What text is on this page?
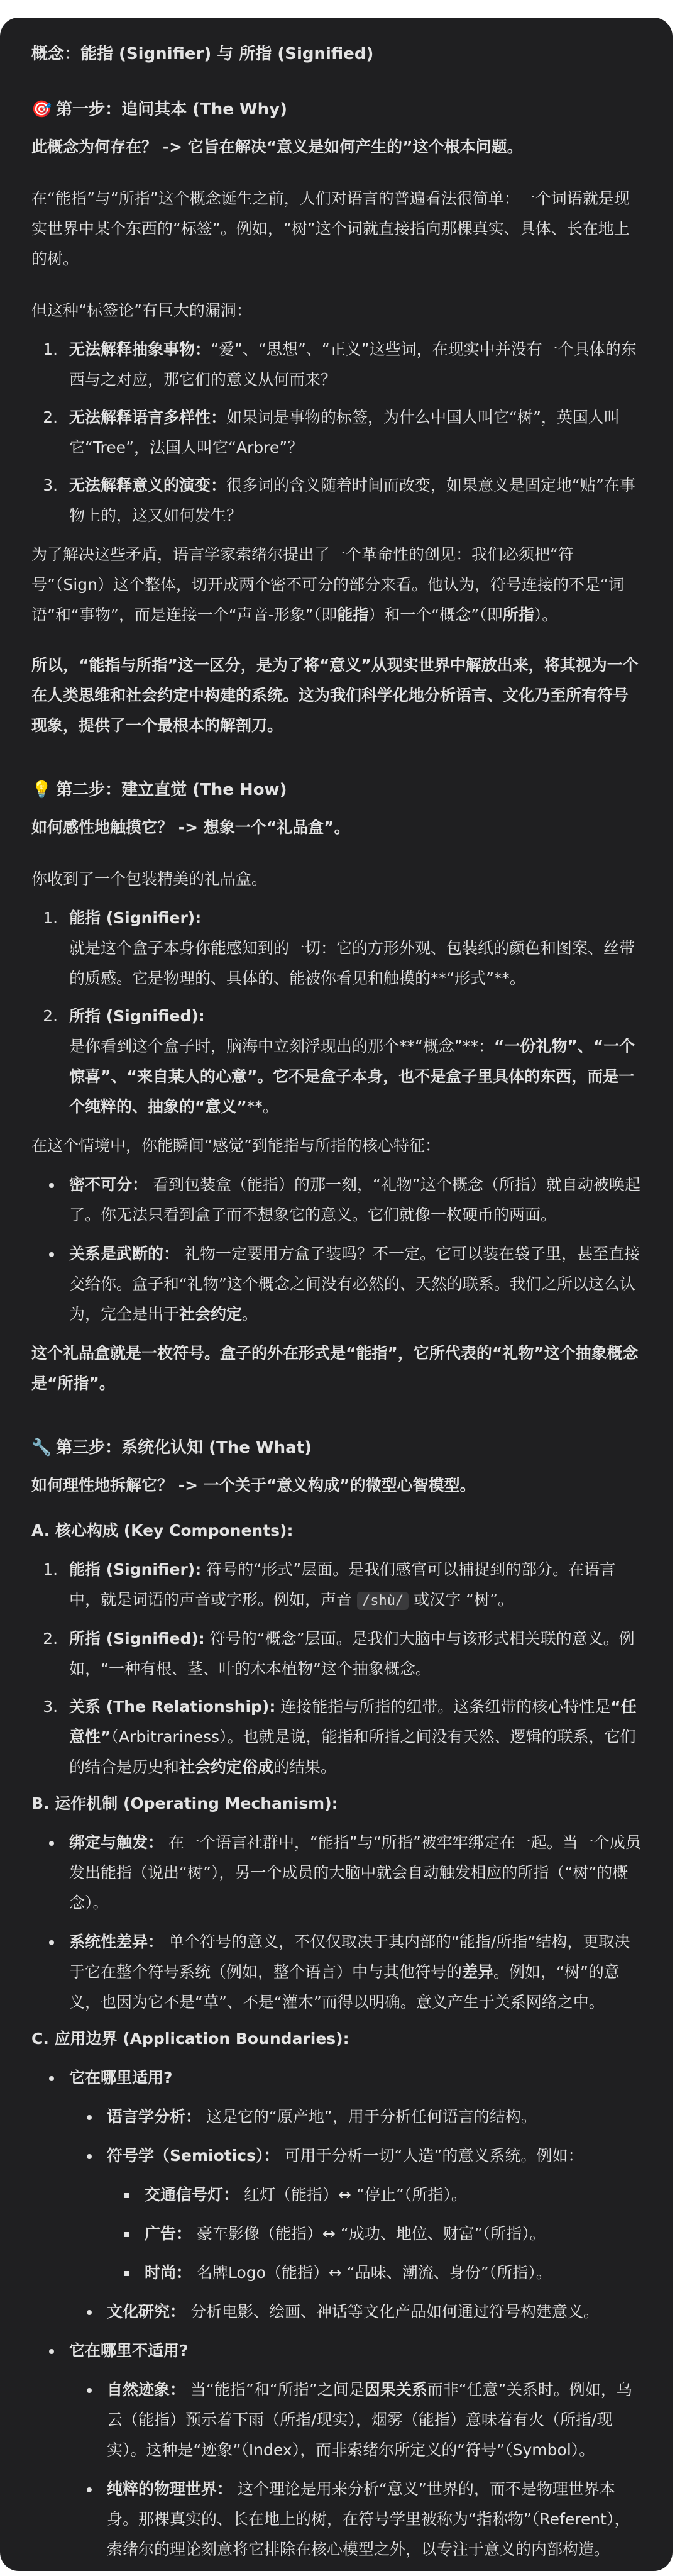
概念：能指 (Signifier) 与 所指 (Signified)

🎯 第一步：追问其本 (The Why)

此概念为何存在？ -> 它旨在解决“意义是如何产生的”这个根本问题。

在“能指”与“所指”这个概念诞生之前，人们对语言的普遍看法很简单：一个词语就是现实世界中某个东西的“标签”。例如，“树”这个词就直接指向那棵真实、具体、长在地上的树。

但这种“标签论”有巨大的漏洞：

1. 无法解释抽象事物：“爱”、“思想”、“正义”这些词，在现实中并没有一个具体的东西与之对应，那它们的意义从何而来？
2. 无法解释语言多样性：如果词是事物的标签，为什么中国人叫它“树”，英国人叫它“Tree”，法国人叫它“Arbre”？
3. 无法解释意义的演变：很多词的含义随着时间而改变，如果意义是固定地“贴”在事物上的，这又如何发生？

为了解决这些矛盾，语言学家索绪尔提出了一个革命性的创见：我们必须把“符号”（Sign）这个整体，切开成两个密不可分的部分来看。他认为，符号连接的不是“词语”和“事物”，而是连接一个“声音-形象”（即能指）和一个“概念”（即所指）。

所以，“能指与所指”这一区分，是为了将“意义”从现实世界中解放出来，将其视为一个在人类思维和社会约定中构建的系统。这为我们科学化地分析语言、文化乃至所有符号现象，提供了一个最根本的解剖刀。

💡 第二步：建立直觉 (The How)

如何感性地触摸它？ -> 想象一个“礼品盒”。

你收到了一个包装精美的礼品盒。

1. 能指 (Signifier):
就是这个盒子本身你能感知到的一切：它的方形外观、包装纸的颜色和图案、丝带的质感。它是物理的、具体的、能被你看见和触摸的**“形式”**。
2. 所指 (Signified):
是你看到这个盒子时，脑海中立刻浮现出的那个**“概念”**：“一份礼物”、“一个惊喜”、“来自某人的心意”。它不是盒子本身，也不是盒子里具体的东西，而是一个纯粹的、抽象的“意义”**。

在这个情境中，你能瞬间“感觉”到能指与所指的核心特征：

• 密不可分： 看到包装盒（能指）的那一刻，“礼物”这个概念（所指）就自动被唤起了。你无法只看到盒子而不想象它的意义。它们就像一枚硬币的两面。
• 关系是武断的： 礼物一定要用方盒子装吗？不一定。它可以装在袋子里，甚至直接交给你。盒子和“礼物”这个概念之间没有必然的、天然的联系。我们之所以这么认为，完全是出于社会约定。

这个礼品盒就是一枚符号。盒子的外在形式是“能指”，它所代表的“礼物”这个抽象概念是“所指”。

🔧 第三步：系统化认知 (The What)

如何理性地拆解它？ -> 一个关于“意义构成”的微型心智模型。

A. 核心构成 (Key Components):

1. 能指 (Signifier): 符号的“形式”层面。是我们感官可以捕捉到的部分。在语言中，就是词语的声音或字形。例如，声音 /shù/ 或汉字 “树”。
2. 所指 (Signified): 符号的“概念”层面。是我们大脑中与该形式相关联的意义。例如，“一种有根、茎、叶的木本植物”这个抽象概念。
3. 关系 (The Relationship): 连接能指与所指的纽带。这条纽带的核心特性是“任意性”（Arbitrariness）。也就是说，能指和所指之间没有天然、逻辑的联系，它们的结合是历史和社会约定俗成的结果。

B. 运作机制 (Operating Mechanism):

• 绑定与触发： 在一个语言社群中，“能指”与“所指”被牢牢绑定在一起。当一个成员发出能指（说出“树”），另一个成员的大脑中就会自动触发相应的所指（“树”的概念）。
• 系统性差异： 单个符号的意义，不仅仅取决于其内部的“能指/所指”结构，更取决于它在整个符号系统（例如，整个语言）中与其他符号的差异。例如，“树”的意义，也因为它不是“草”、不是“灌木”而得以明确。意义产生于关系网络之中。

C. 应用边界 (Application Boundaries):

• 它在哪里适用?
• 语言学分析： 这是它的“原产地”，用于分析任何语言的结构。
• 符号学（Semiotics）： 可用于分析一切“人造”的意义系统。例如：
▪ 交通信号灯： 红灯（能指）↔ “停止”（所指）。
▪ 广告： 豪车影像（能指）↔ “成功、地位、财富”（所指）。
▪ 时尚： 名牌Logo（能指）↔ “品味、潮流、身份”（所指）。
• 文化研究： 分析电影、绘画、神话等文化产品如何通过符号构建意义。
• 它在哪里不适用?
• 自然迹象： 当“能指”和“所指”之间是因果关系而非“任意”关系时。例如，乌云（能指）预示着下雨（所指/现实），烟雾（能指）意味着有火（所指/现实）。这种是“迹象”（Index），而非索绪尔所定义的“符号”（Symbol）。
• 纯粹的物理世界： 这个理论是用来分析“意义”世界的，而不是物理世界本身。那棵真实的、长在地上的树，在符号学里被称为“指称物”（Referent），索绪尔的理论刻意将它排除在核心模型之外，以专注于意义的内部构造。
